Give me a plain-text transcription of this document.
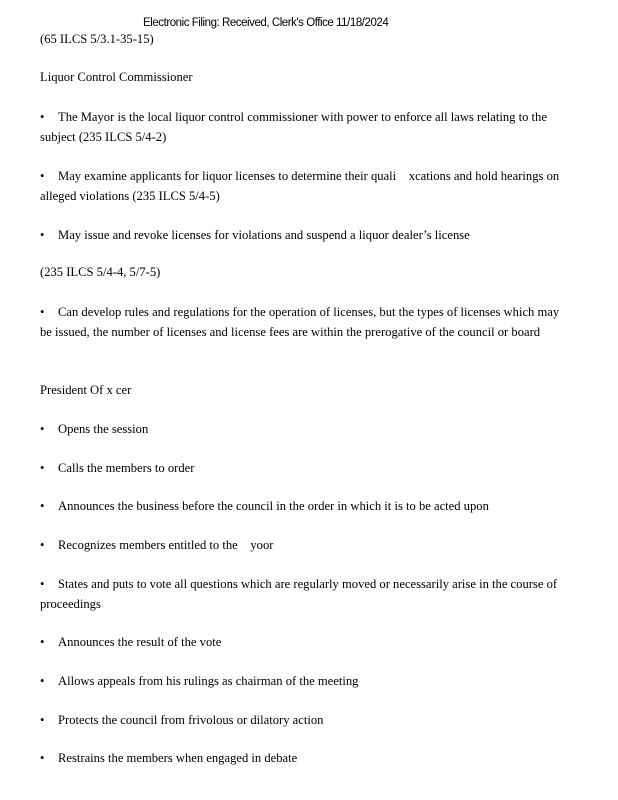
Electronic Filing: Received, Clerk's Office 11/18/2024
(65 ILCS 5/3.1-35-15)
Liquor Control Commissioner
• The Mayor is the local liquor control commissioner with power to enforce all laws relating to the subject (235 ILCS 5/4-2)
• May examine applicants for liquor licenses to determine their quali    xcations and hold hearings on alleged violations (235 ILCS 5/4-5)
• May issue and revoke licenses for violations and suspend a liquor dealer’s license
(235 ILCS 5/4-4, 5/7-5)
• Can develop rules and regulations for the operation of licenses, but the types of licenses which may be issued, the number of licenses and license fees are within the prerogative of the council or board
President Of x cer
• Opens the session
• Calls the members to order
• Announces the business before the council in the order in which it is to be acted upon
• Recognizes members entitled to the    yoor
• States and puts to vote all questions which are regularly moved or necessarily arise in the course of proceedings
• Announces the result of the vote
• Allows appeals from his rulings as chairman of the meeting
• Protects the council from frivolous or dilatory action
• Restrains the members when engaged in debate
